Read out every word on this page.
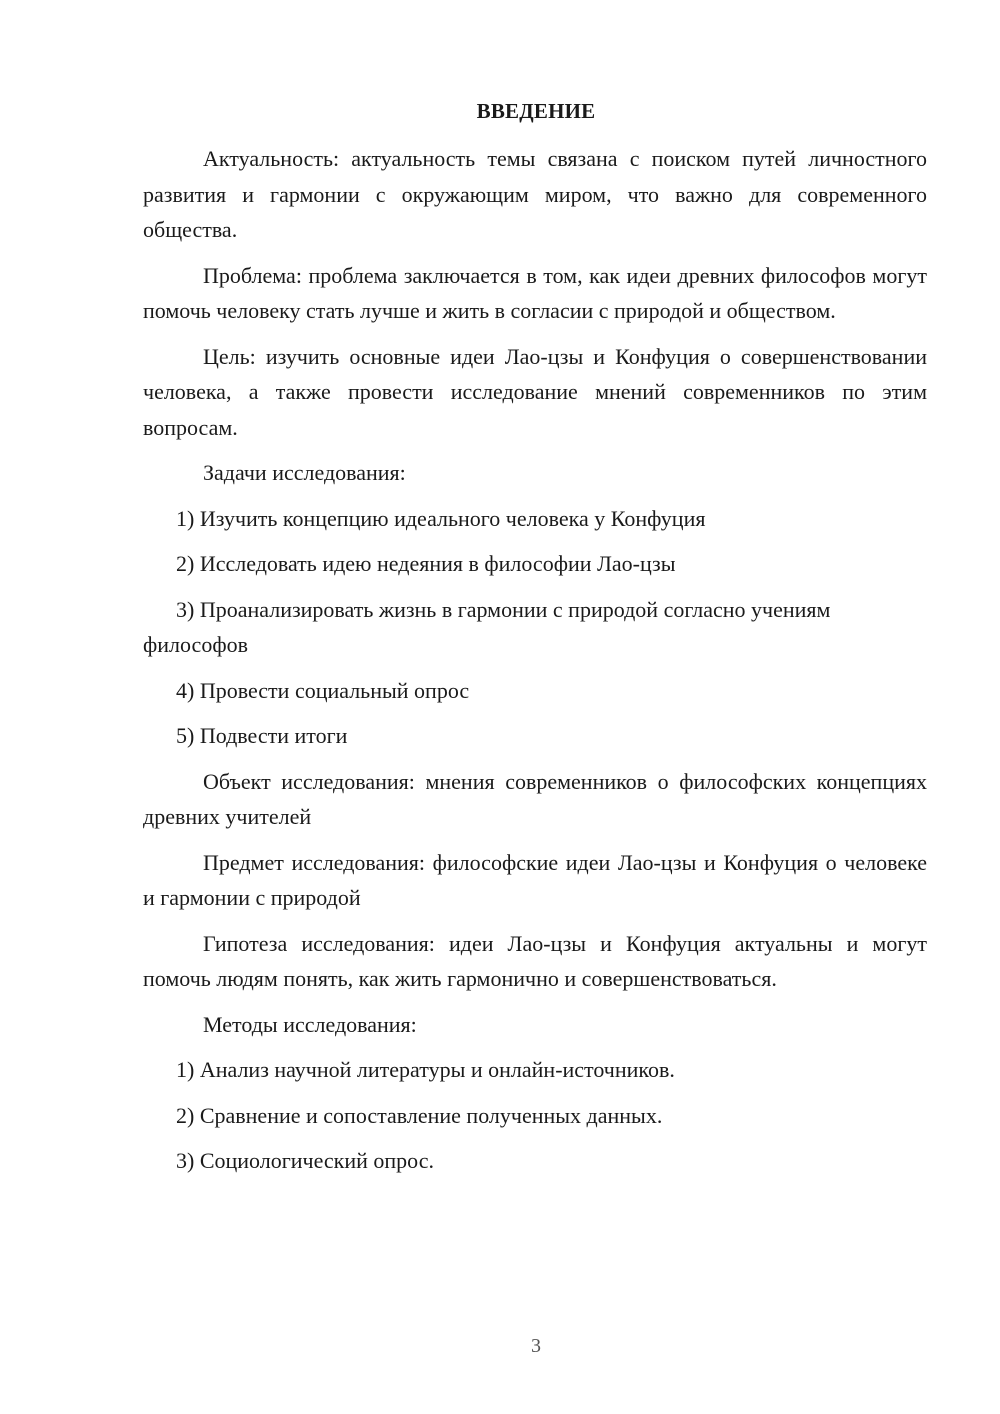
ВВЕДЕНИЕ

Актуальность: актуальность темы связана с поиском путей личностного развития и гармонии с окружающим миром, что важно для современного общества.

Проблема: проблема заключается в том, как идеи древних философов могут помочь человеку стать лучше и жить в согласии с природой и обществом.

Цель: изучить основные идеи Лао-цзы и Конфуция о совершенствовании человека, а также провести исследование мнений современников по этим вопросам.

Задачи исследования:

1) Изучить концепцию идеального человека у Конфуция

2) Исследовать идею недеяния в философии Лао-цзы

3) Проанализировать жизнь в гармонии с природой согласно учениям философов

4) Провести социальный опрос

5) Подвести итоги

Объект исследования: мнения современников о философских концепциях древних учителей

Предмет исследования: философские идеи Лао-цзы и Конфуция о человеке и гармонии с природой

Гипотеза исследования: идеи Лао-цзы и Конфуция актуальны и могут помочь людям понять, как жить гармонично и совершенствоваться.

Методы исследования:

1) Анализ научной литературы и онлайн-источников.

2) Сравнение и сопоставление полученных данных.

3) Социологический опрос.

3
